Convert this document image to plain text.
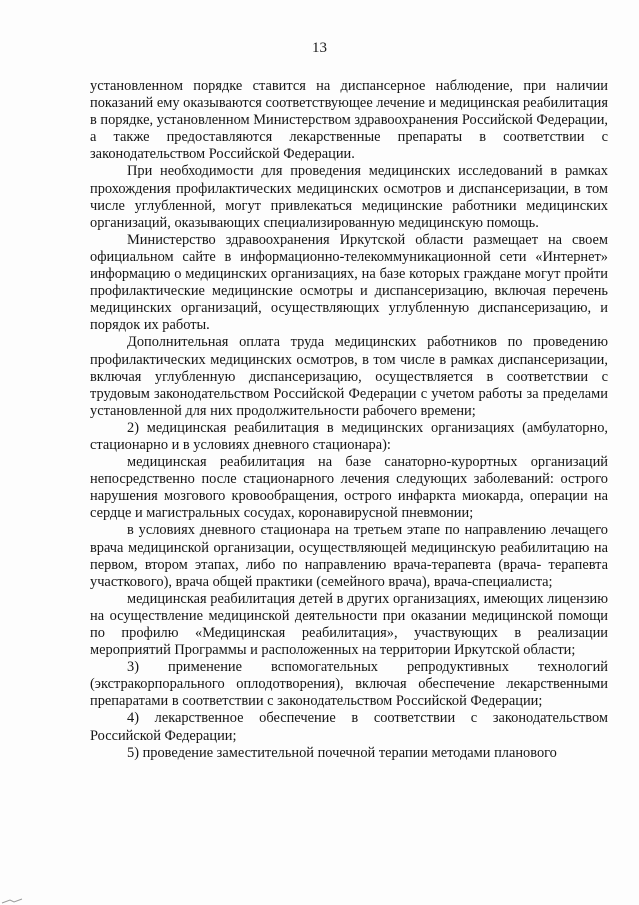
13

установленном порядке ставится на диспансерное наблюдение, при наличии показаний ему оказываются соответствующее лечение и медицинская реабилитация в порядке, установленном Министерством здравоохранения Российской Федерации, а также предоставляются лекарственные препараты в соответствии с законодательством Российской Федерации.

При необходимости для проведения медицинских исследований в рамках прохождения профилактических медицинских осмотров и диспансеризации, в том числе углубленной, могут привлекаться медицинские работники медицинских организаций, оказывающих специализированную медицинскую помощь.

Министерство здравоохранения Иркутской области размещает на своем официальном сайте в информационно-телекоммуникационной сети «Интернет» информацию о медицинских организациях, на базе которых граждане могут пройти профилактические медицинские осмотры и диспансеризацию, включая перечень медицинских организаций, осуществляющих углубленную диспансеризацию, и порядок их работы.

Дополнительная оплата труда медицинских работников по проведению профилактических медицинских осмотров, в том числе в рамках диспансеризации, включая углубленную диспансеризацию, осуществляется в соответствии с трудовым законодательством Российской Федерации с учетом работы за пределами установленной для них продолжительности рабочего времени;

2) медицинская реабилитация в медицинских организациях (амбулаторно, стационарно и в условиях дневного стационара):

медицинская реабилитация на базе санаторно-курортных организаций непосредственно после стационарного лечения следующих заболеваний: острого нарушения мозгового кровообращения, острого инфаркта миокарда, операции на сердце и магистральных сосудах, коронавирусной пневмонии;

в условиях дневного стационара на третьем этапе по направлению лечащего врача медицинской организации, осуществляющей медицинскую реабилитацию на первом, втором этапах, либо по направлению врача-терапевта (врача- терапевта участкового), врача общей практики (семейного врача), врача-специалиста;

медицинская реабилитация детей в других организациях, имеющих лицензию на осуществление медицинской деятельности при оказании медицинской помощи по профилю «Медицинская реабилитация», участвующих в реализации мероприятий Программы и расположенных на территории Иркутской области;

3) применение вспомогательных репродуктивных технологий (экстракорпорального оплодотворения), включая обеспечение лекарственными препаратами в соответствии с законодательством Российской Федерации;

4) лекарственное обеспечение в соответствии с законодательством Российской Федерации;

5) проведение заместительной почечной терапии методами планового
